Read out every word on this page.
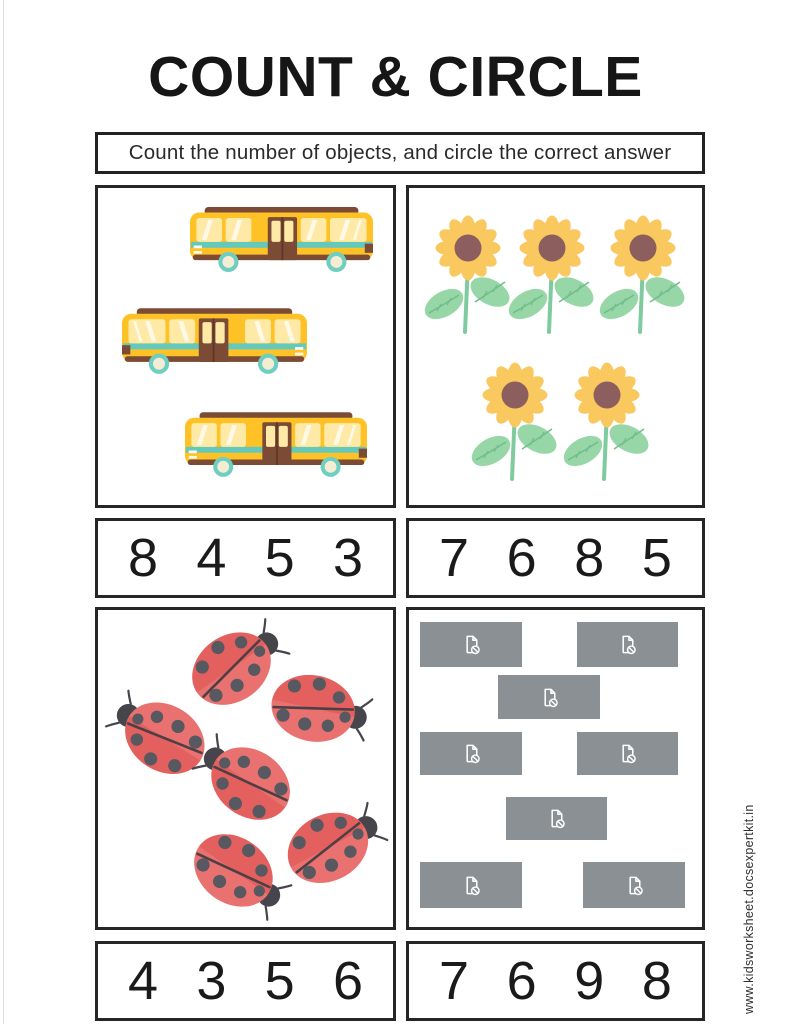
COUNT & CIRCLE
Count the number of objects, and circle the correct answer
8 4 5 3 7 6 8 5
4 3 5 6 7 6 9 8	www.kidsworksheet.docsexpertkit.in
